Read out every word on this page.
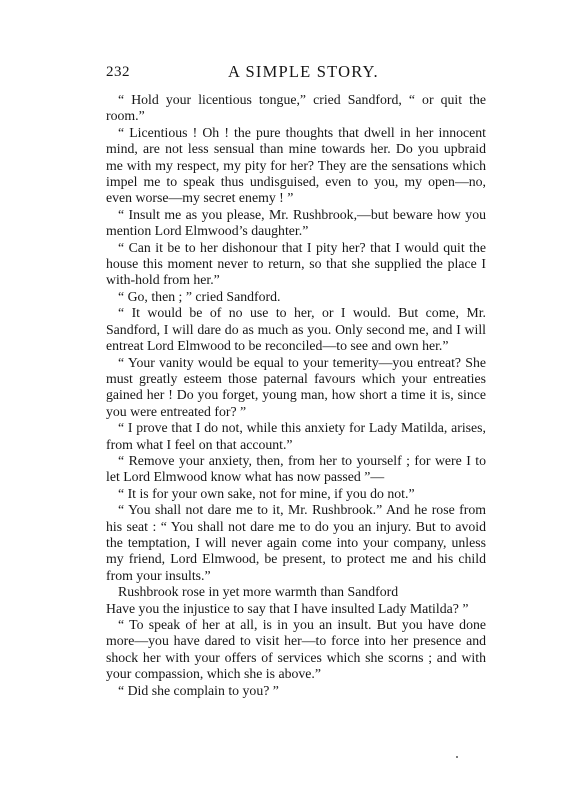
232	A SIMPLE STORY.

“ Hold your licentious tongue,” cried Sandford, “ or quit the room.”

“ Licentious ! Oh ! the pure thoughts that dwell in her innocent mind, are not less sensual than mine towards her. Do you upbraid me with my respect, my pity for her? They are the sensations which impel me to speak thus undisguised, even to you, my open—no, even worse—my secret enemy ! ”

“ Insult me as you please, Mr. Rushbrook,—but beware how you mention Lord Elmwood’s daughter.”

“ Can it be to her dishonour that I pity her? that I would quit the house this moment never to return, so that she supplied the place I with-hold from her.”

“ Go, then ; ” cried Sandford.

“ It would be of no use to her, or I would. But come, Mr. Sandford, I will dare do as much as you. Only second me, and I will entreat Lord Elmwood to be reconciled—to see and own her.”

“ Your vanity would be equal to your temerity—you entreat? She must greatly esteem those paternal favours which your entreaties gained her ! Do you forget, young man, how short a time it is, since you were entreated for? ”

“ I prove that I do not, while this anxiety for Lady Matilda, arises, from what I feel on that account.”

“ Remove your anxiety, then, from her to yourself ; for were I to let Lord Elmwood know what has now passed ”—

“ It is for your own sake, not for mine, if you do not.”

“ You shall not dare me to it, Mr. Rushbrook.” And he rose from his seat : “ You shall not dare me to do you an injury. But to avoid the temptation, I will never again come into your company, unless my friend, Lord Elmwood, be present, to protect me and his child from your insults.”

Rushbrook rose in yet more warmth than Sandford

Have you the injustice to say that I have insulted Lady Matilda? ”

“ To speak of her at all, is in you an insult. But you have done more—you have dared to visit her—to force into her presence and shock her with your offers of services which she scorns ; and with your compassion, which she is above.”

“ Did she complain to you? ”
